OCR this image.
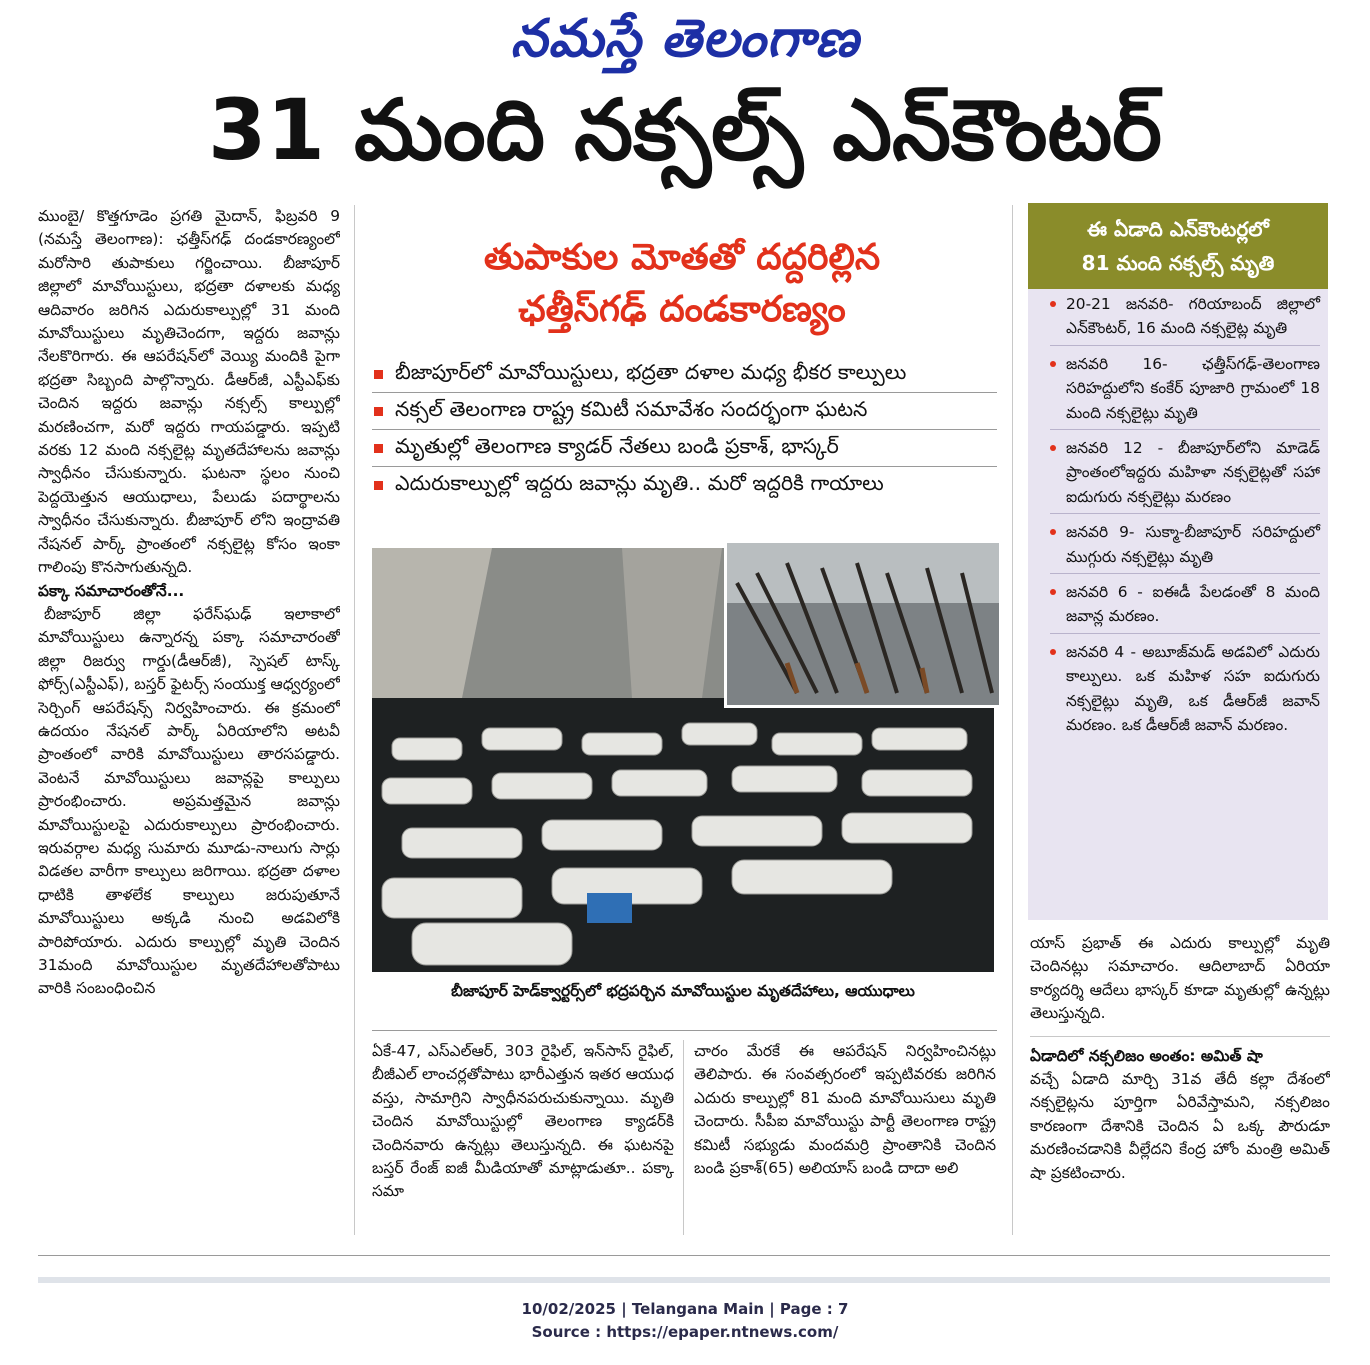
నమస్తే తెలంగాణ
31 మంది నక్సల్స్ ఎన్‌కౌంటర్

ముంబై/ కొత్తగూడెం ప్రగతి మైదాన్, ఫిబ్రవరి 9 (నమస్తే తెలంగాణ): ఛత్తీస్‌గఢ్ దండకారణ్యంలో మరోసారి తుపాకులు గర్జించాయి. బీజాపూర్ జిల్లాలో మావోయిస్టులు, భద్రతా దళాలకు మధ్య ఆదివారం జరిగిన ఎదురుకాల్పుల్లో 31 మంది మావోయిస్టులు మృతిచెందగా, ఇద్దరు జవాన్లు నేలకొరిగారు. ఈ ఆపరేషన్‌లో వెయ్యి మందికి పైగా భద్రతా సిబ్బంది పాల్గొన్నారు. డీఆర్‌జీ, ఎస్టీఎఫ్‌కు చెందిన ఇద్దరు జవాన్లు నక్సల్స్ కాల్పుల్లో మరణించగా, మరో ఇద్దరు గాయపడ్డారు. ఇప్పటి వరకు 12 మంది నక్సలైట్ల మృతదేహాలను జవాన్లు స్వాధీనం చేసుకున్నారు. ఘటనా స్థలం నుంచి పెద్దయెత్తున ఆయుధాలు, పేలుడు పదార్థాలను స్వాధీనం చేసుకున్నారు. బీజాపూర్ లోని ఇంద్రావతి నేషనల్ పార్క్ ప్రాంతంలో నక్సలైట్ల కోసం ఇంకా గాలింపు కొనసాగుతున్నది.

పక్కా సమాచారంతోనే...

బీజాపూర్ జిల్లా ఫరేస్‌ఘఢ్ ఇలాకాలో మావోయిస్టులు ఉన్నారన్న పక్కా సమాచారంతో జిల్లా రిజర్వు గార్డు(డీఆర్‌జీ), స్పెషల్ టాస్క్ ఫోర్స్(ఎస్టీఎఫ్), బస్తర్ ఫైటర్స్ సంయుక్త ఆధ్వర్యంలో సెర్చింగ్ ఆపరేషన్స్ నిర్వహించారు. ఈ క్రమంలో ఉదయం నేషనల్ పార్క్ ఏరియాలోని అటవీ ప్రాంతంలో వారికి మావోయిస్టులు తారసపడ్డారు. వెంటనే మావోయిస్టులు జవాన్లపై కాల్పులు ప్రారంభించారు. అప్రమత్తమైన జవాన్లు మావోయిస్టులపై ఎదురుకాల్పులు ప్రారంభించారు. ఇరువర్గాల మధ్య సుమారు మూడు-నాలుగు సార్లు విడతల వారీగా కాల్పులు జరిగాయి. భద్రతా దళాల ధాటికి తాళలేక కాల్పులు జరుపుతూనే మావోయిస్టులు అక్కడి నుంచి అడవిలోకి పారిపోయారు. ఎదురు కాల్పుల్లో మృతి చెందిన 31మంది మావోయిస్టుల మృతదేహాలతోపాటు వారికి సంబంధించిన

తుపాకుల మోతతో దద్దరిల్లిన
ఛత్తీస్‌గఢ్ దండకారణ్యం
బీజాపూర్‌లో మావోయిస్టులు, భద్రతా దళాల మధ్య భీకర కాల్పులు
నక్సల్ తెలంగాణ రాష్ట్ర కమిటీ సమావేశం సందర్భంగా ఘటన
మృతుల్లో తెలంగాణ క్యాడర్ నేతలు బండి ప్రకాశ్, భాస్కర్
ఎదురుకాల్పుల్లో ఇద్దరు జవాన్లు మృతి.. మరో ఇద్దరికి గాయాలు
బీజాపూర్ హెడ్‌క్వార్టర్స్‌లో భద్రపర్చిన మావోయిస్టుల మృతదేహాలు, ఆయుధాలు

ఏకే-47, ఎస్ఎల్ఆర్, 303 రైఫిల్, ఇన్‌సాస్ రైఫిల్, బీజీఎల్ లాంచర్లతోపాటు భారీఎత్తున ఇతర ఆయుధ వస్తు, సామాగ్రిని స్వాధీనపరుచుకున్నాయి. మృతి చెందిన మావోయిస్టుల్లో తెలంగాణ క్యాడర్‌కి చెందినవారు ఉన్నట్లు తెలుస్తున్నది. ఈ ఘటనపై బస్తర్ రేంజ్ ఐజీ మీడియాతో మాట్లాడుతూ.. పక్కా సమా

చారం మేరకే ఈ ఆపరేషన్ నిర్వహించినట్లు తెలిపారు. ఈ సంవత్సరంలో ఇప్పటివరకు జరిగిన ఎదురు కాల్పుల్లో 81 మంది మావోయిసులు మృతి చెందారు. సీపీఐ మావోయిస్టు పార్టీ తెలంగాణ రాష్ట్ర కమిటీ సభ్యుడు మందమర్రి ప్రాంతానికి చెందిన బండి ప్రకాశ్(65) అలియాస్ బండి దాదా అలి

ఈ ఏడాది ఎన్‌కౌంటర్లలో
81 మంది నక్సల్స్ మృతి
20-21 జనవరి- గరియాబంద్ జిల్లాలో ఎన్‌కౌంటర్, 16 మంది నక్సలైట్ల మృతి
జనవరి 16- ఛత్తీస్‌గఢ్-తెలంగాణ సరిహద్దులోని కంకేర్ పూజారి గ్రామంలో 18 మంది నక్సలైట్లు మృతి
జనవరి 12 - బీజాపూర్‌లోని మాడెడ్ ప్రాంతంలోఇద్దరు మహిళా నక్సలైట్లతో సహా ఐదుగురు నక్సలైట్లు మరణం
జనవరి 9- సుక్మా-బీజాపూర్ సరిహద్దులో ముగ్గురు నక్సలైట్లు మృతి
జనవరి 6 - ఐఈడీ పేలడంతో 8 మంది జవాన్ల మరణం.
జనవరి 4 - అబూజ్‌మడ్ అడవిలో ఎదురు కాల్పులు. ఒక మహిళ సహ ఐదుగురు నక్సలైట్లు మృతి, ఒక డీఆర్‌జీ జవాన్ మరణం. ఒక డీఆర్‌జీ జవాన్ మరణం.

యాస్ ప్రభాత్ ఈ ఎదురు కాల్పుల్లో మృతి చెందినట్లు సమాచారం. ఆదిలాబాద్ ఏరియా కార్యదర్శి ఆదేలు భాస్కర్ కూడా మృతుల్లో ఉన్నట్లు తెలుస్తున్నది.

ఏడాదిలో నక్సలిజం అంతం: అమిత్ షా

వచ్చే ఏడాది మార్చి 31వ తేదీ కల్లా దేశంలో నక్సలైట్లను పూర్తిగా ఏరివేస్తామని, నక్సలిజం కారణంగా దేశానికి చెందిన ఏ ఒక్క పౌరుడూ మరణించడానికి వీల్లేదని కేంద్ర హోం మంత్రి అమిత్ షా ప్రకటించారు.

10/02/2025 | Telangana Main | Page : 7
Source : https://epaper.ntnews.com/
